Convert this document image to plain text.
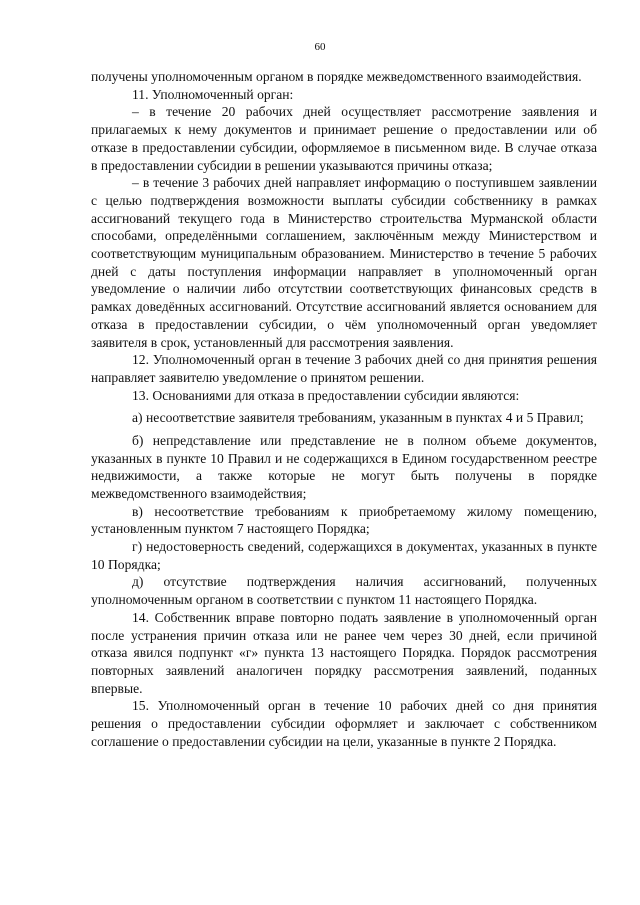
60

получены уполномоченным органом в порядке межведомственного взаимодействия.

11. Уполномоченный орган:

– в течение 20 рабочих дней осуществляет рассмотрение заявления и прилагаемых к нему документов и принимает решение о предоставлении или об отказе в предоставлении субсидии, оформляемое в письменном виде. В случае отказа в предоставлении субсидии в решении указываются причины отказа;

– в течение 3 рабочих дней направляет информацию о поступившем заявлении с целью подтверждения возможности выплаты субсидии собственнику в рамках ассигнований текущего года в Министерство строительства Мурманской области способами, определёнными соглашением, заключённым между Министерством и соответствующим муниципальным образованием. Министерство в течение 5 рабочих дней с даты поступления информации направляет в уполномоченный орган уведомление о наличии либо отсутствии соответствующих финансовых средств в рамках доведённых ассигнований. Отсутствие ассигнований является основанием для отказа в предоставлении субсидии, о чём уполномоченный орган уведомляет заявителя в срок, установленный для рассмотрения заявления.

12. Уполномоченный орган в течение 3 рабочих дней со дня принятия решения направляет заявителю уведомление о принятом решении.

13. Основаниями для отказа в предоставлении субсидии являются:

а) несоответствие заявителя требованиям, указанным в пунктах 4 и 5 Правил;

б) непредставление или представление не в полном объеме документов, указанных в пункте 10 Правил и не содержащихся в Едином государственном реестре недвижимости, а также которые не могут быть получены в порядке межведомственного взаимодействия;

в) несоответствие требованиям к приобретаемому жилому помещению, установленным пунктом 7 настоящего Порядка;

г) недостоверность сведений, содержащихся в документах, указанных в пункте 10 Порядка;

д) отсутствие подтверждения наличия ассигнований, полученных уполномоченным органом в соответствии с пунктом 11 настоящего Порядка.

14. Собственник вправе повторно подать заявление в уполномоченный орган после устранения причин отказа или не ранее чем через 30 дней, если причиной отказа явился подпункт «г» пункта 13 настоящего Порядка. Порядок рассмотрения повторных заявлений аналогичен порядку рассмотрения заявлений, поданных впервые.

15. Уполномоченный орган в течение 10 рабочих дней со дня принятия решения о предоставлении субсидии оформляет и заключает с собственником соглашение о предоставлении субсидии на цели, указанные в пункте 2 Порядка.
